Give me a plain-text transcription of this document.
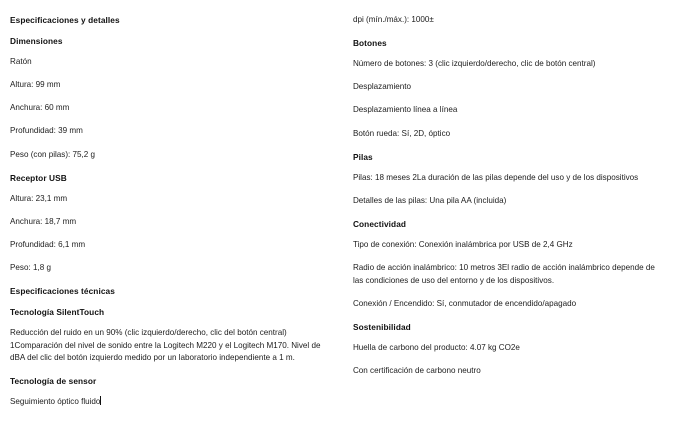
Especificaciones y detalles
Dimensiones
Ratón
Altura: 99 mm
Anchura: 60 mm
Profundidad: 39 mm
Peso (con pilas): 75,2 g
Receptor USB
Altura: 23,1 mm
Anchura: 18,7 mm
Profundidad: 6,1 mm
Peso: 1,8 g
Especificaciones técnicas
Tecnología SilentTouch
Reducción del ruido en un 90% (clic izquierdo/derecho, clic del botón central) 1Comparación del nivel de sonido entre la Logitech M220 y el Logitech M170. Nivel de dBA del clic del botón izquierdo medido por un laboratorio independiente a 1 m.
Tecnología de sensor
Seguimiento óptico fluido
dpi (mín./máx.): 1000±
Botones
Número de botones: 3 (clic izquierdo/derecho, clic de botón central)
Desplazamiento
Desplazamiento línea a línea
Botón rueda: Sí, 2D, óptico
Pilas
Pilas: 18 meses 2La duración de las pilas depende del uso y de los dispositivos
Detalles de las pilas: Una pila AA (incluida)
Conectividad
Tipo de conexión: Conexión inalámbrica por USB de 2,4 GHz
Radio de acción inalámbrico: 10 metros 3El radio de acción inalámbrico depende de las condiciones de uso del entorno y de los dispositivos.
Conexión / Encendido: Sí, conmutador de encendido/apagado
Sostenibilidad
Huella de carbono del producto: 4.07 kg CO2e
Con certificación de carbono neutro
